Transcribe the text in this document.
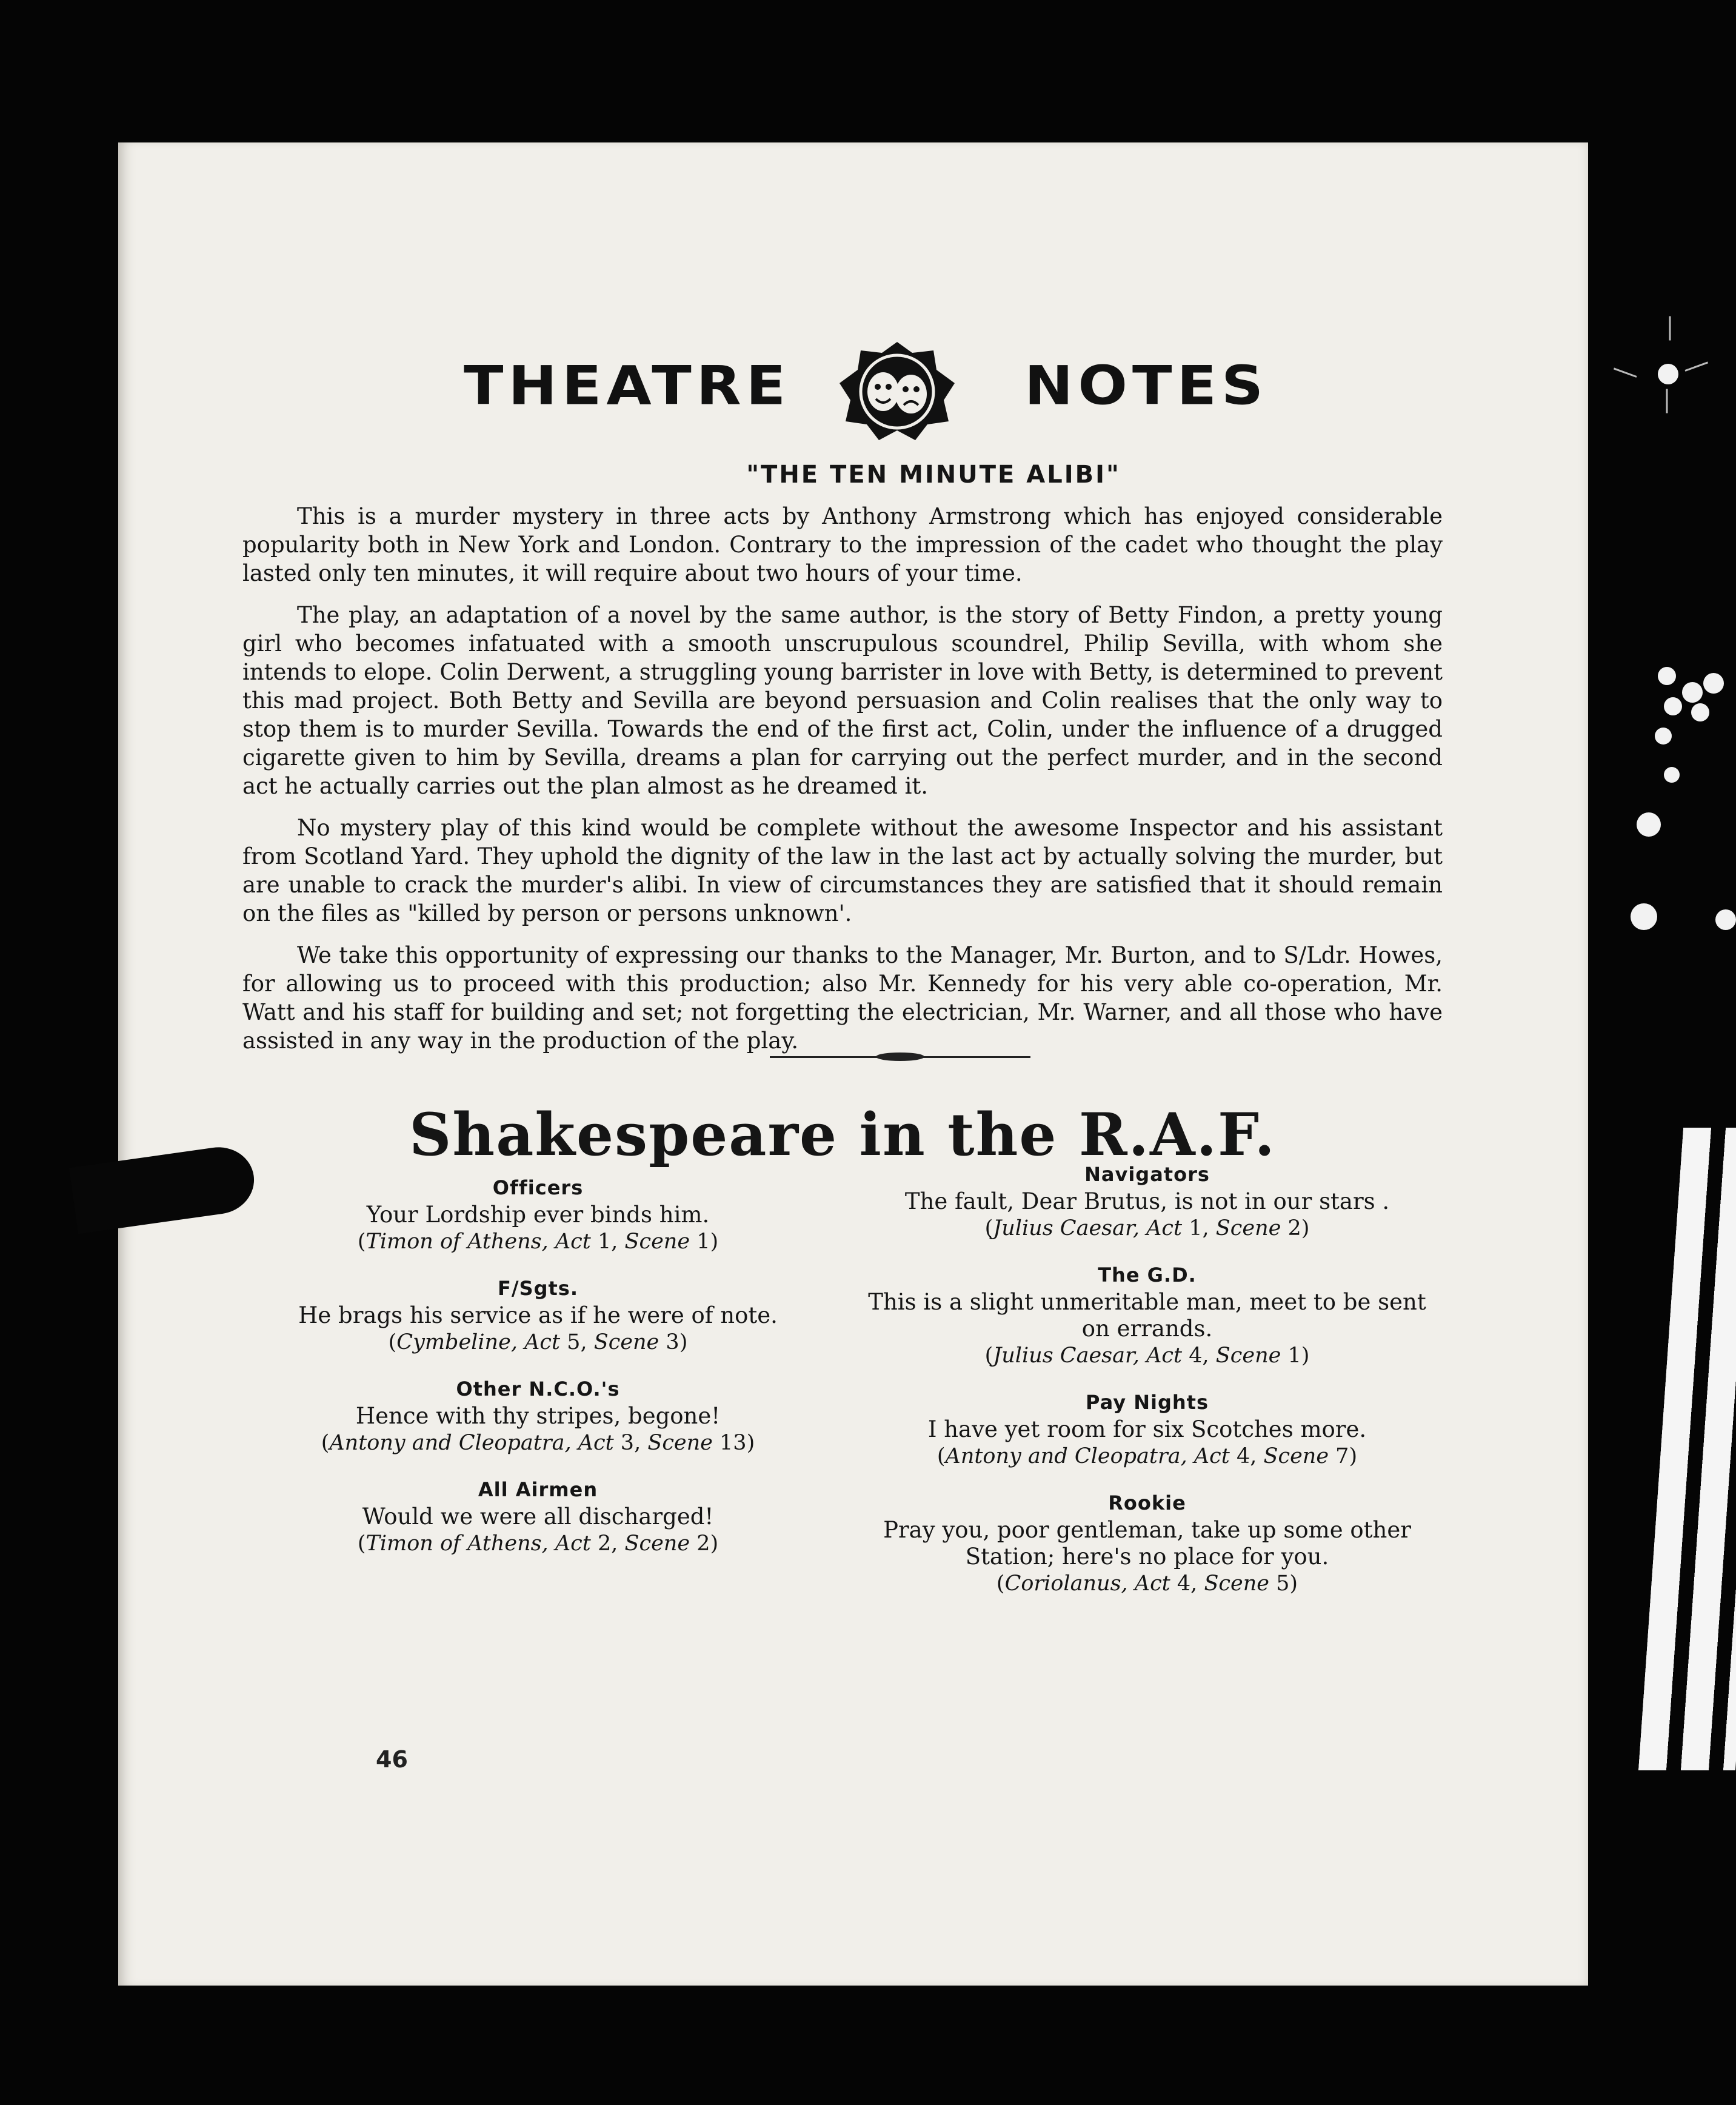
THEATRE	NOTES
"THE TEN MINUTE ALIBI"

This is a murder mystery in three acts by Anthony Armstrong which has enjoyed considerable popularity both in New York and London. Contrary to the impression of the cadet who thought the play lasted only ten minutes, it will require about two hours of your time.

The play, an adaptation of a novel by the same author, is the story of Betty Findon, a pretty young girl who becomes infatuated with a smooth unscrupulous scoundrel, Philip Sevilla, with whom she intends to elope. Colin Derwent, a struggling young barrister in love with Betty, is determined to prevent this mad project. Both Betty and Sevilla are beyond persuasion and Colin realises that the only way to stop them is to murder Sevilla. Towards the end of the first act, Colin, under the influence of a drugged cigarette given to him by Sevilla, dreams a plan for carrying out the perfect murder, and in the second act he actually carries out the plan almost as he dreamed it.

No mystery play of this kind would be complete without the awesome Inspector and his assistant from Scotland Yard. They uphold the dignity of the law in the last act by actually solving the murder, but are unable to crack the murder's alibi. In view of circumstances they are satisfied that it should remain on the files as "killed by person or persons unknown'.

We take this opportunity of expressing our thanks to the Manager, Mr. Burton, and to S/Ldr. Howes, for allowing us to proceed with this production; also Mr. Kennedy for his very able co-operation, Mr. Watt and his staff for building and set; not forgetting the electrician, Mr. Warner, and all those who have assisted in any way in the production of the play.

Shakespeare in the R.A.F.
Officers
Your Lordship ever binds him.
(Timon of Athens, Act 1, Scene 1)
F/Sgts.
He brags his service as if he were of note.
(Cymbeline, Act 5, Scene 3)
Other N.C.O.'s
Hence with thy stripes, begone!
(Antony and Cleopatra, Act 3, Scene 13)
All Airmen
Would we were all discharged!
(Timon of Athens, Act 2, Scene 2)
Navigators
The fault, Dear Brutus, is not in our stars .
(Julius Caesar, Act 1, Scene 2)
The G.D.
This is a slight unmeritable man, meet to be sent on errands.
(Julius Caesar, Act 4, Scene 1)
Pay Nights
I have yet room for six Scotches more.
(Antony and Cleopatra, Act 4, Scene 7)
Rookie
Pray you, poor gentleman, take up some other Station; here's no place for you.
(Coriolanus, Act 4, Scene 5)
46
